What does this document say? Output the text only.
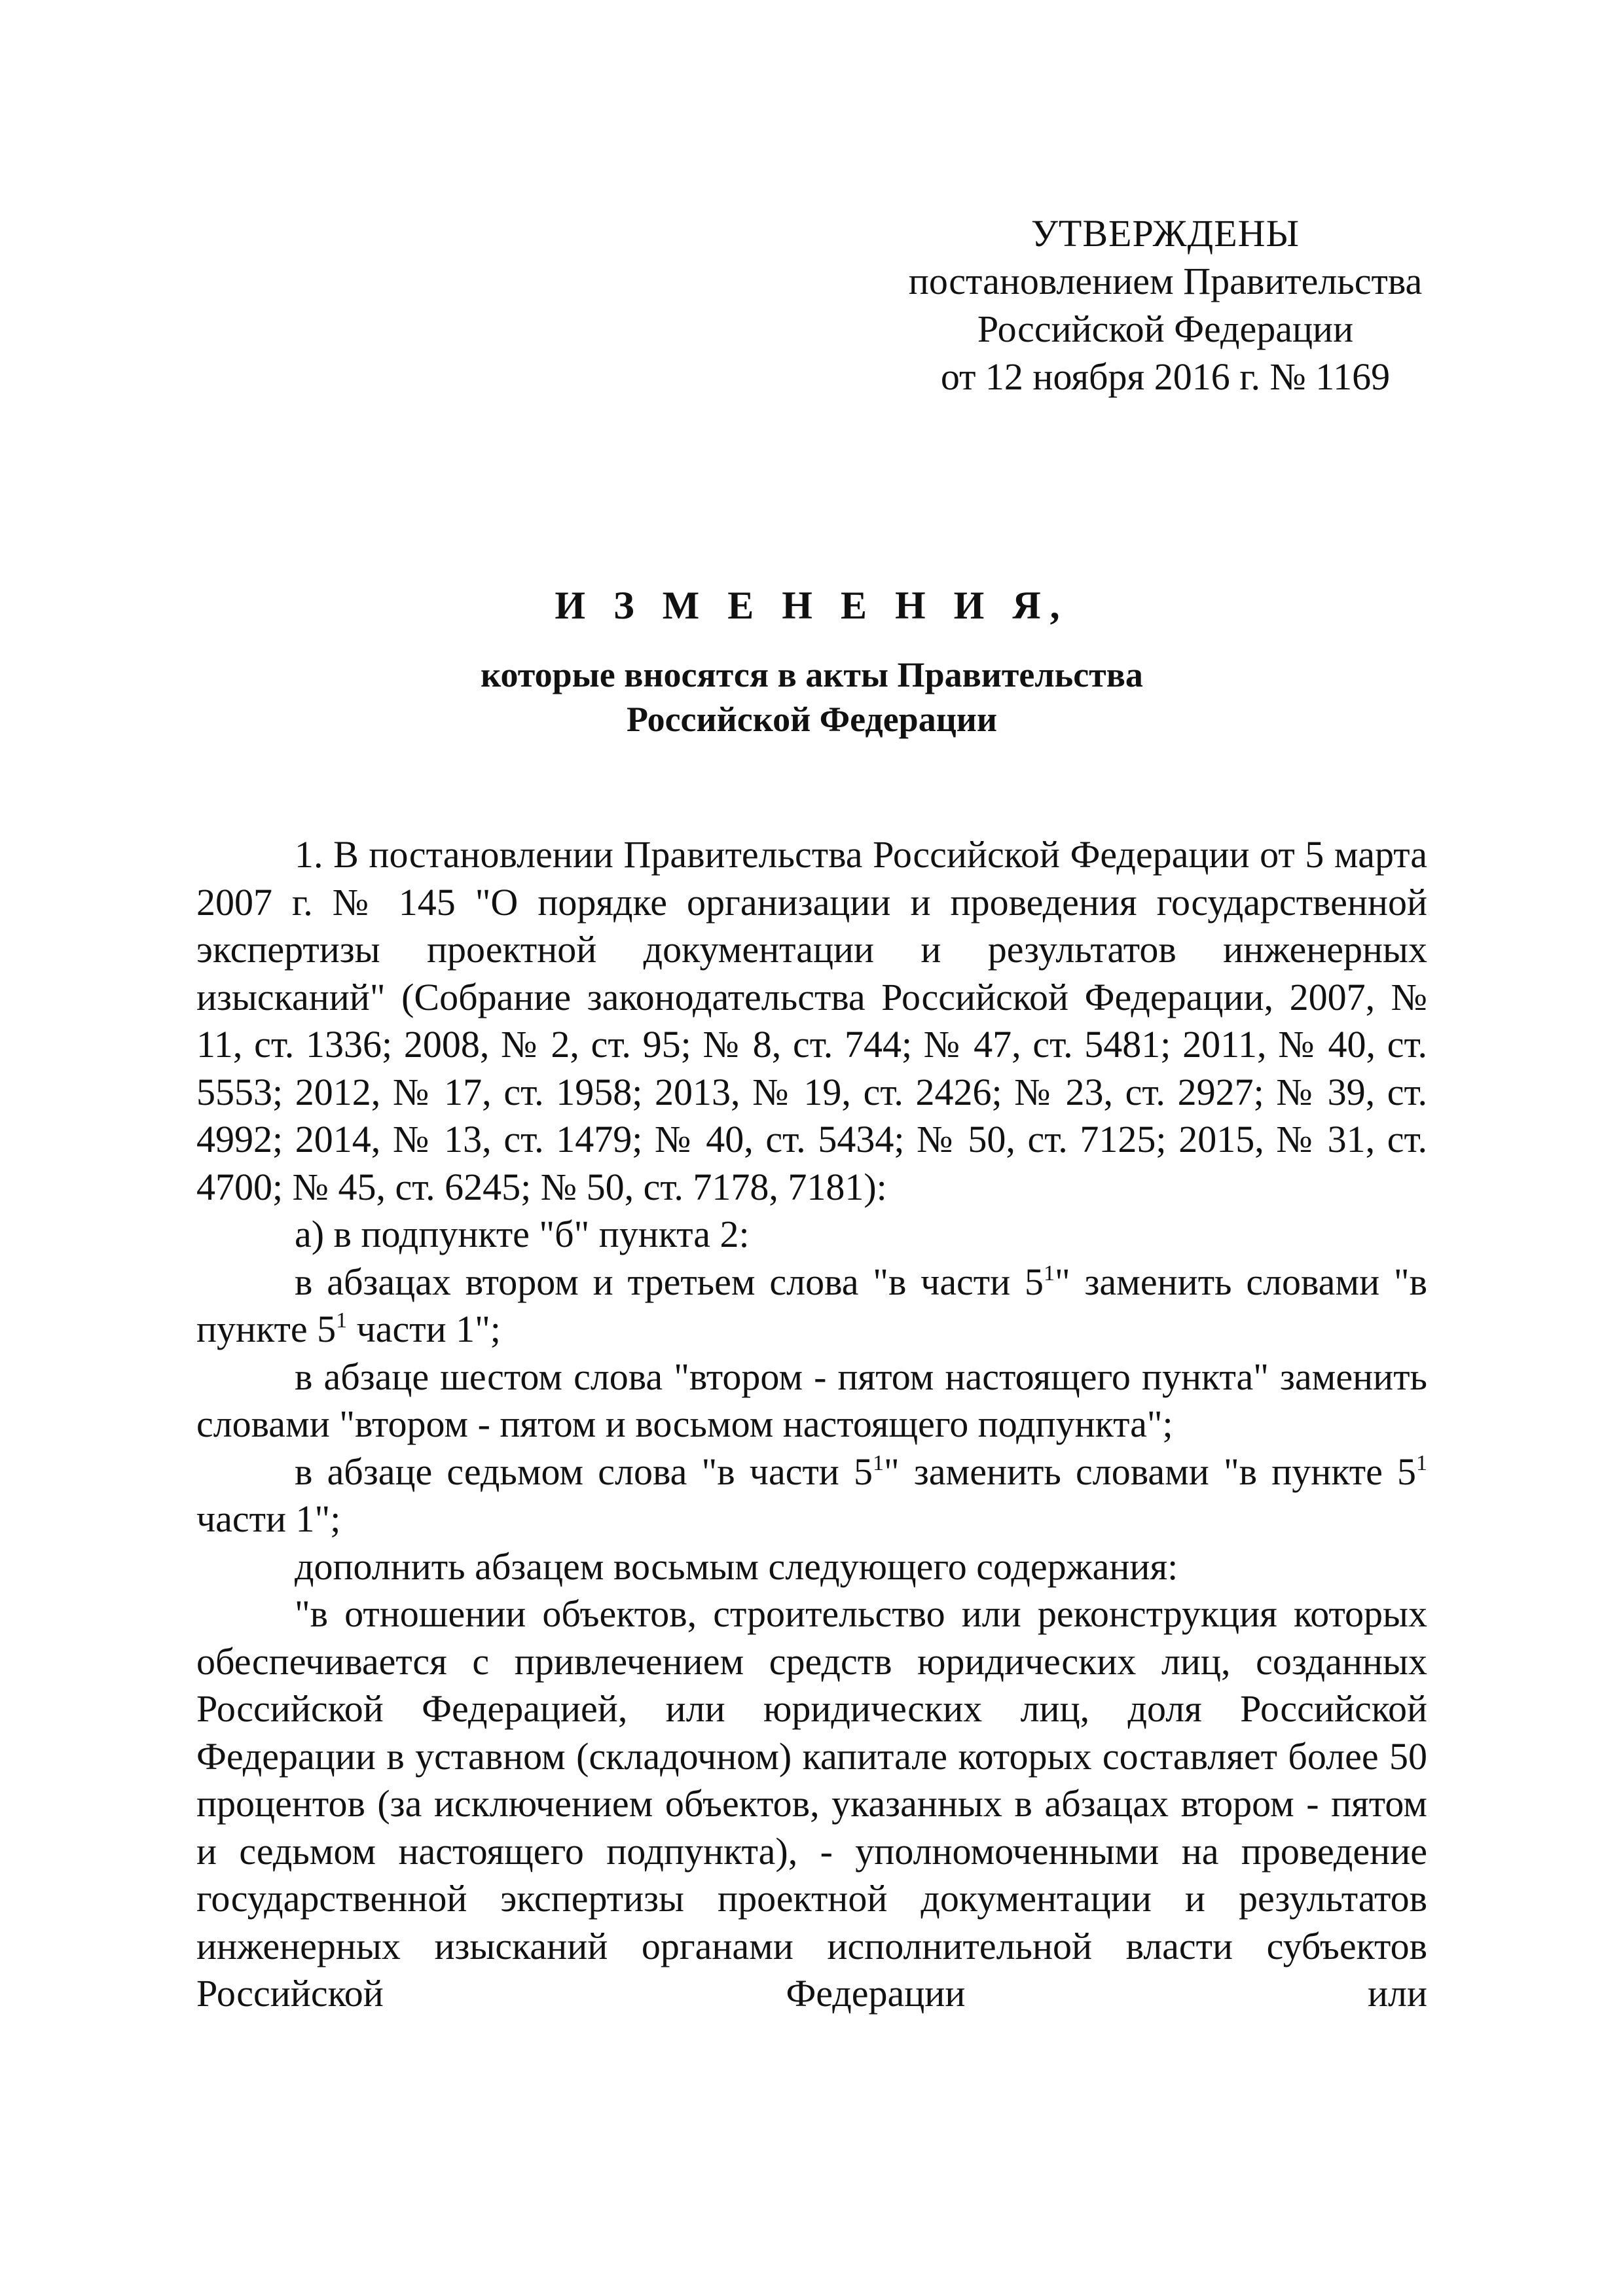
УТВЕРЖДЕНЫ
постановлением Правительства
Российской Федерации
от 12 ноября 2016 г. № 1169
И З М Е Н Е Н И Я,
которые вносятся в акты Правительства
Российской Федерации

1. В постановлении Правительства Российской Федерации от 5 марта 2007 г. № 145 "О порядке организации и проведения государственной экспертизы проектной документации и результатов инженерных изысканий" (Собрание законодательства Российской Федерации, 2007, № 11, ст. 1336; 2008, № 2, ст. 95; № 8, ст. 744; № 47, ст. 5481; 2011, № 40, ст. 5553; 2012, № 17, ст. 1958; 2013, № 19, ст. 2426; № 23, ст. 2927; № 39, ст. 4992; 2014, № 13, ст. 1479; № 40, ст. 5434; № 50, ст. 7125; 2015, № 31, ст. 4700; № 45, ст. 6245; № 50, ст. 7178, 7181):

а) в подпункте "б" пункта 2:

в абзацах втором и третьем слова "в части $5^1$" заменить словами "в пункте $5^1$ части 1";

в абзаце шестом слова "втором - пятом настоящего пункта" заменить словами "втором - пятом и восьмом настоящего подпункта";

в абзаце седьмом слова "в части $5^1$" заменить словами "в пункте $5^1$ части 1";

дополнить абзацем восьмым следующего содержания:

"в отношении объектов, строительство или реконструкция которых обеспечивается с привлечением средств юридических лиц, созданных Российской Федерацией, или юридических лиц, доля Российской Федерации в уставном (складочном) капитале которых составляет более 50 процентов (за исключением объектов, указанных в абзацах втором - пятом и седьмом настоящего подпункта), - уполномоченными на проведение государственной экспертизы проектной документации и результатов инженерных изысканий органами исполнительной власти субъектов Российской Федерации или
